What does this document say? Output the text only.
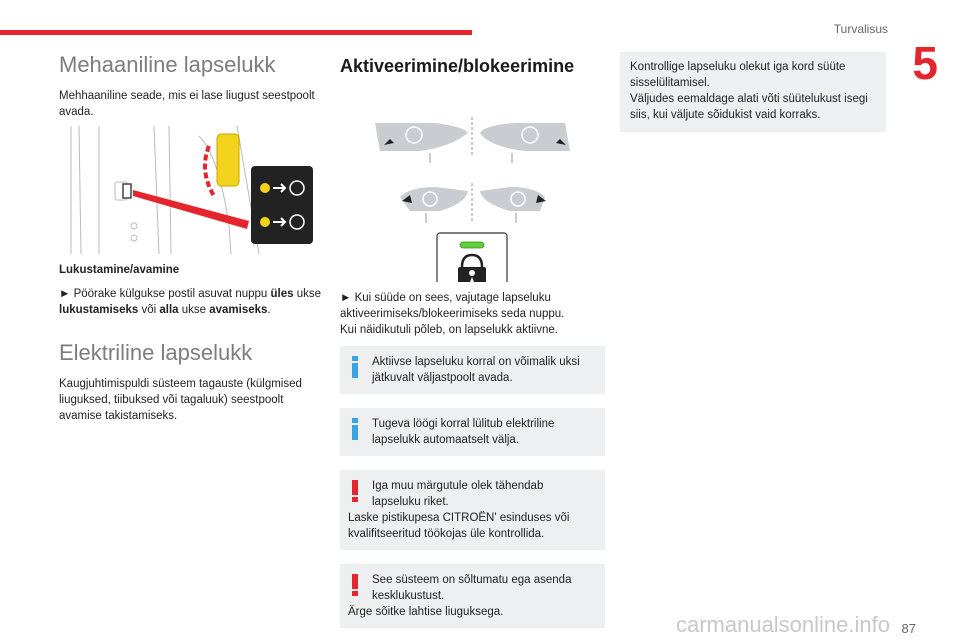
Turvalisus
5
Mehaaniline lapselukk

Mehhaaniline seade, mis ei lase liugust seestpoolt avada.

Lukustamine/avamine

► Pöörake külgukse postil asuvat nuppu üles ukse lukustamiseks või alla ukse avamiseks.

Elektriline lapselukk

Kaugjuhtimispuldi süsteem tagauste (külgmised liuguksed, tiibuksed või tagaluuk) seestpoolt avamise takistamiseks.

Aktiveerimine/blokeerimine

► Kui süüde on sees, vajutage lapseluku aktiveerimiseks/blokeerimiseks seda nuppu.

Kui näidikutuli põleb, on lapselukk aktiivne.

Aktiivse lapseluku korral on võimalik uksi jätkuvalt väljastpoolt avada.
Tugeva löögi korral lülitub elektriline lapselukk automaatselt välja.
Iga muu märgutule olek tähendab lapseluku riket.
Laske pistikupesa CITROËN' esinduses või kvalifitseeritud töökojas üle kontrollida.
See süsteem on sõltumatu ega asenda kesklukustust.
Ärge sõitke lahtise liuguksega.

Kontrollige lapseluku olekut iga kord süüte sisselülitamisel.

Väljudes eemaldage alati võti süütelukust isegi siis, kui väljute sõidukist vaid korraks.

carmanualsonline.info 87
